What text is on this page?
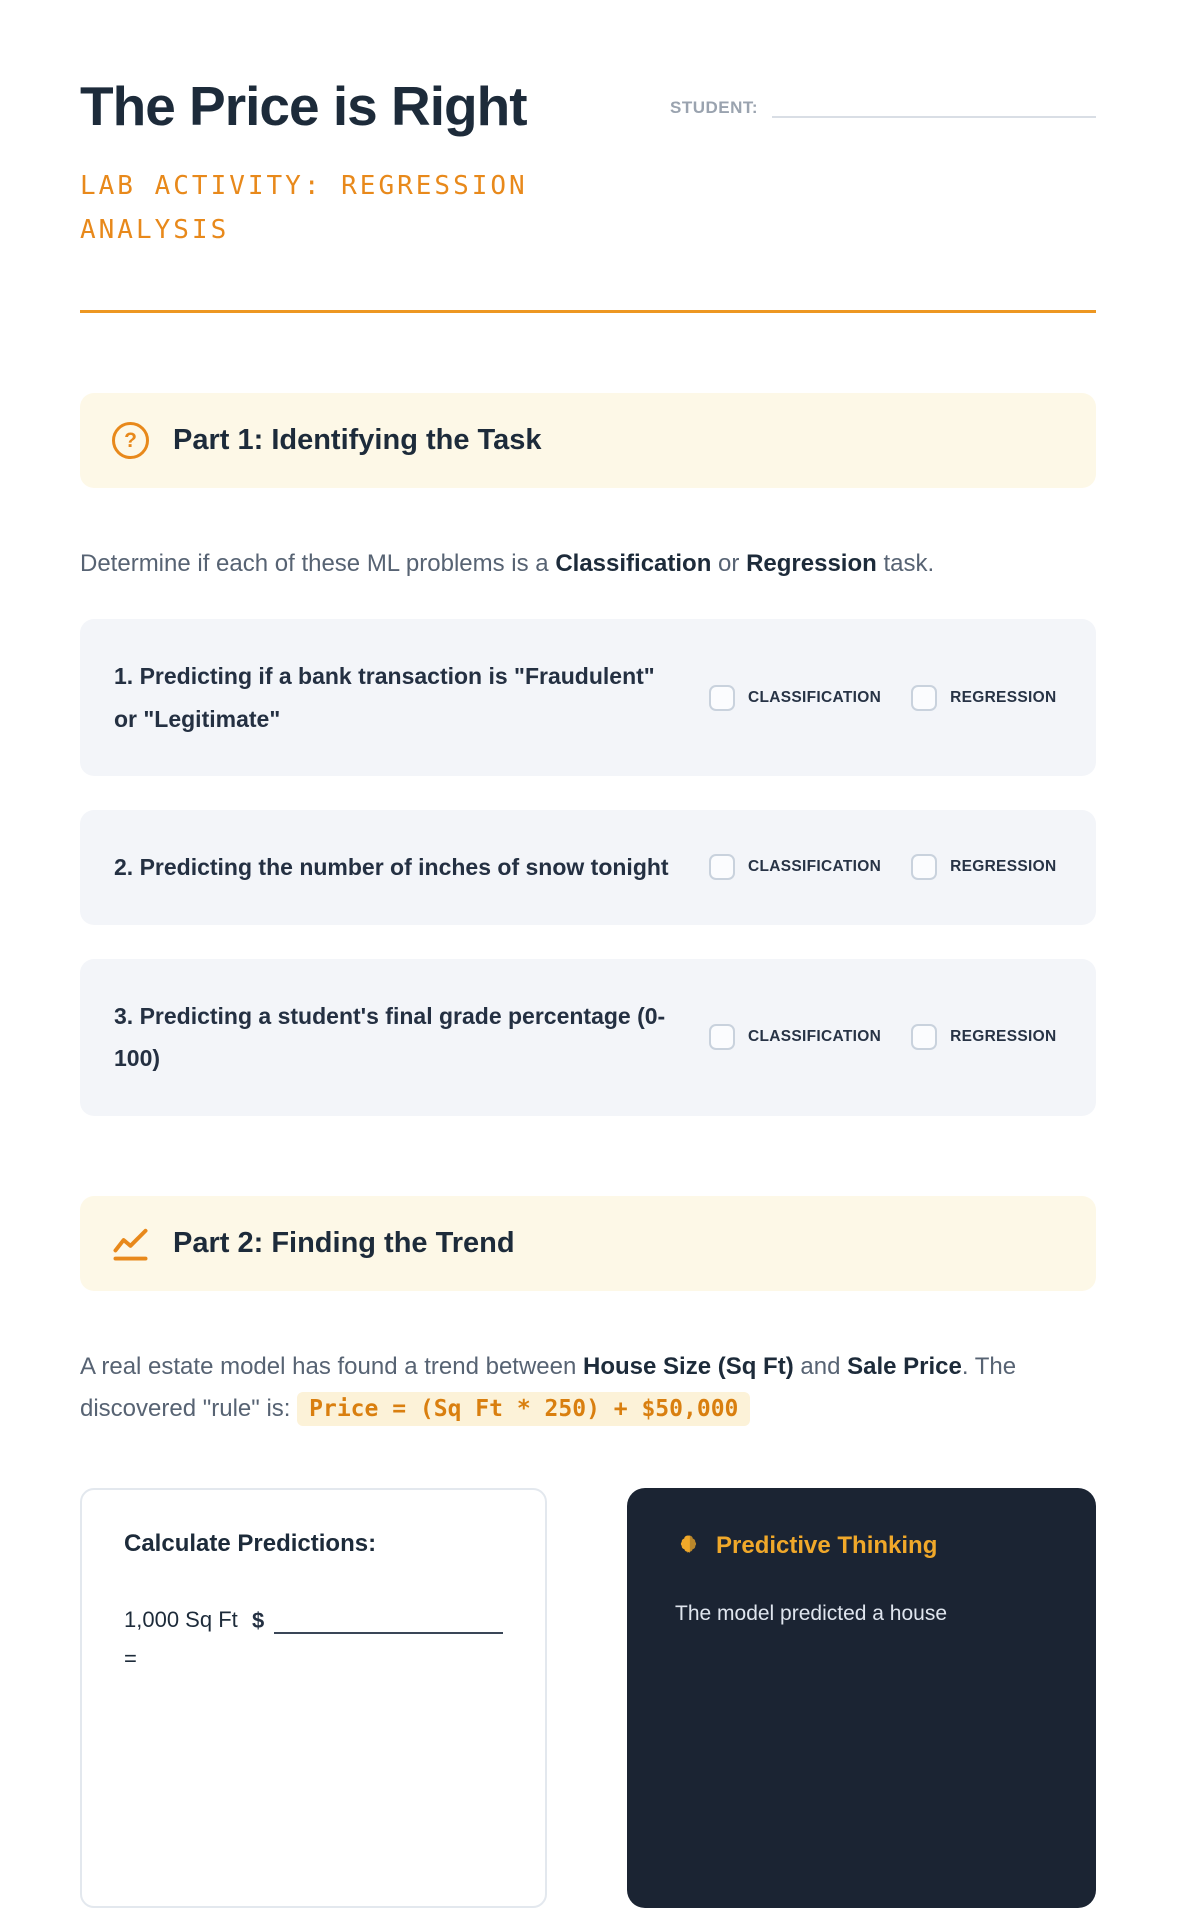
The Price is Right
LAB ACTIVITY: REGRESSION ANALYSIS
STUDENT:
?	Part 1: Identifying the Task

Determine if each of these ML problems is a Classification or Regression task.

1. Predicting if a bank transaction is "Fraudulent" or "Legitimate"
CLASSIFICATION	REGRESSION
2. Predicting the number of inches of snow tonight	CLASSIFICATION	REGRESSION
3. Predicting a student's final grade percentage (0-100)
CLASSIFICATION	REGRESSION
Part 2: Finding the Trend

A real estate model has found a trend between House Size (Sq Ft) and Sale Price. The discovered "rule" is: Price = (Sq Ft * 250) + $50,000

Calculate Predictions:
1,000 Sq Ft =
$
Predictive Thinking

The model predicted a house
